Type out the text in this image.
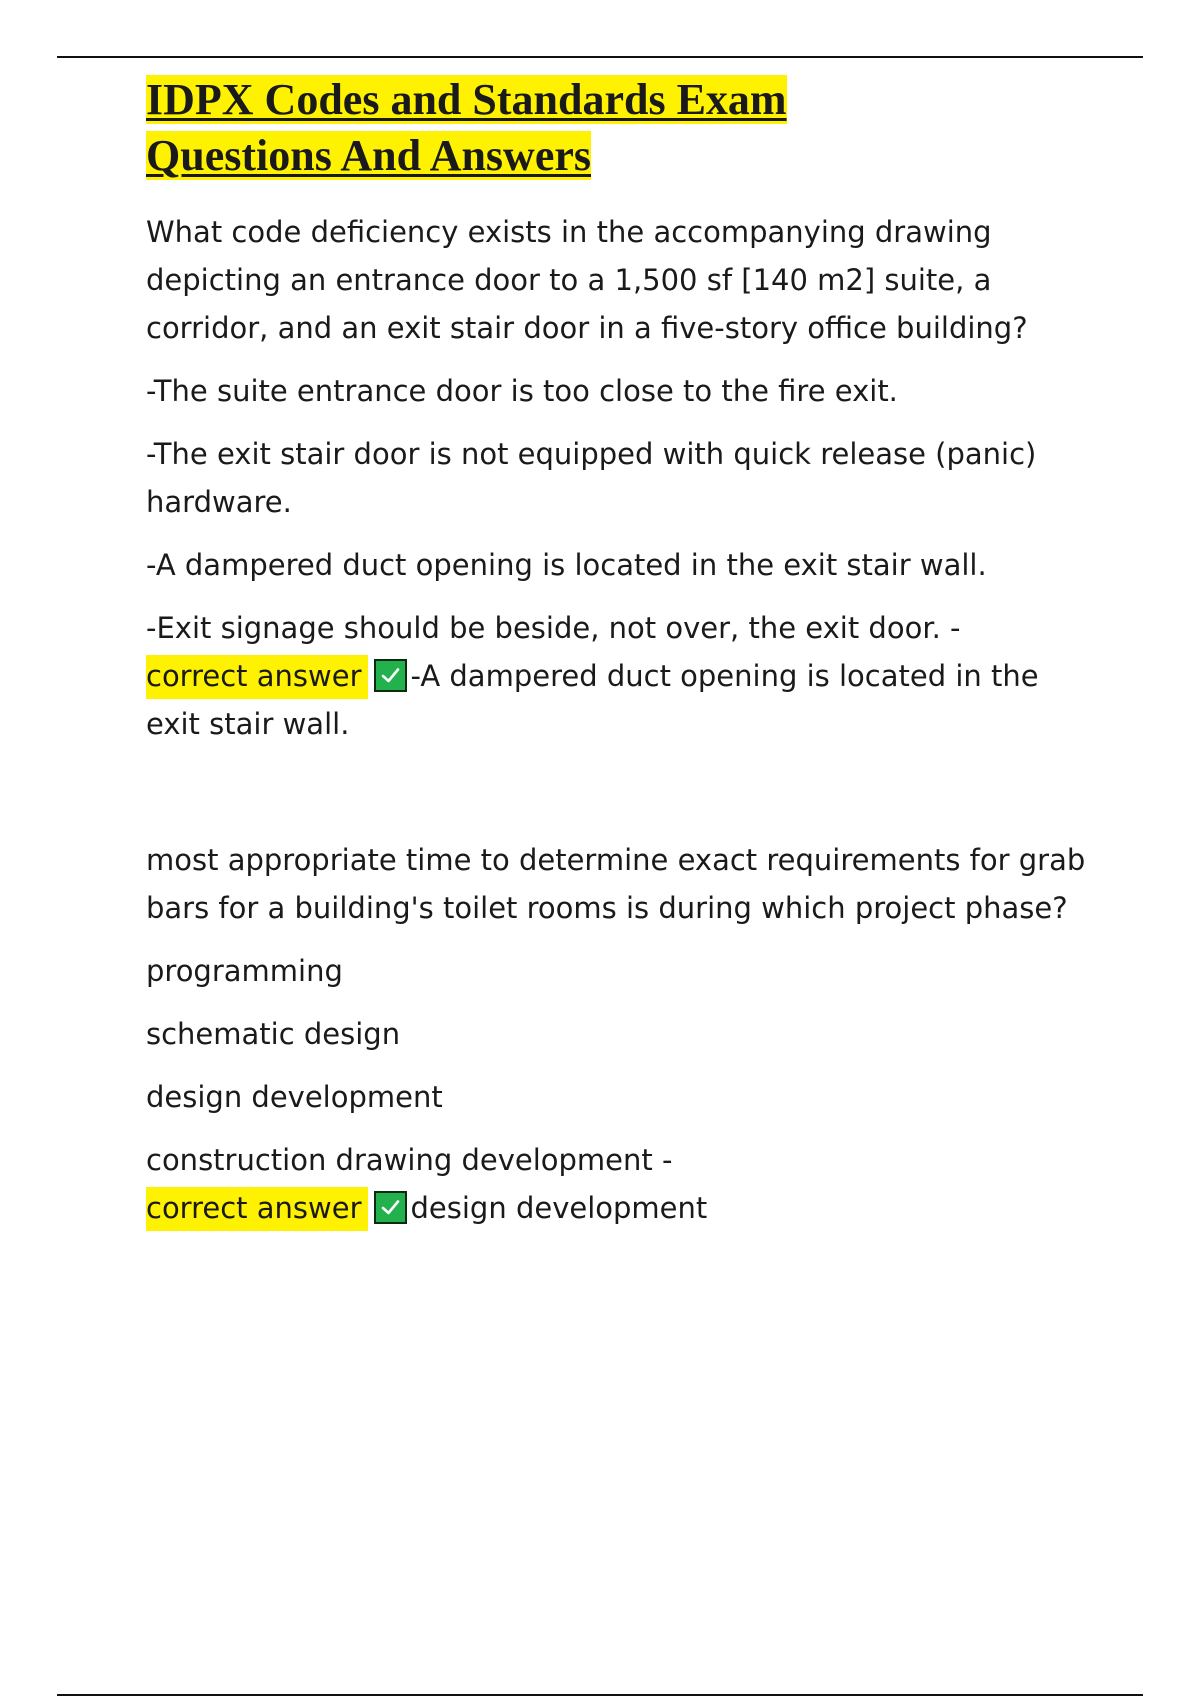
IDPX Codes and Standards Exam
Questions And Answers

What code deficiency exists in the accompanying drawing depicting an entrance door to a 1,500 sf [140 m2] suite, a corridor, and an exit stair door in a five-story office building?

-The suite entrance door is too close to the fire exit.

-The exit stair door is not equipped with quick release (panic) hardware.

-A dampered duct opening is located in the exit stair wall.

-Exit signage should be beside, not over, the exit door. -
correct answer -A dampered duct opening is located in the exit stair wall.

most appropriate time to determine exact requirements for grab bars for a building's toilet rooms is during which project phase?

programming

schematic design

design development

construction drawing development -
correct answer design development
